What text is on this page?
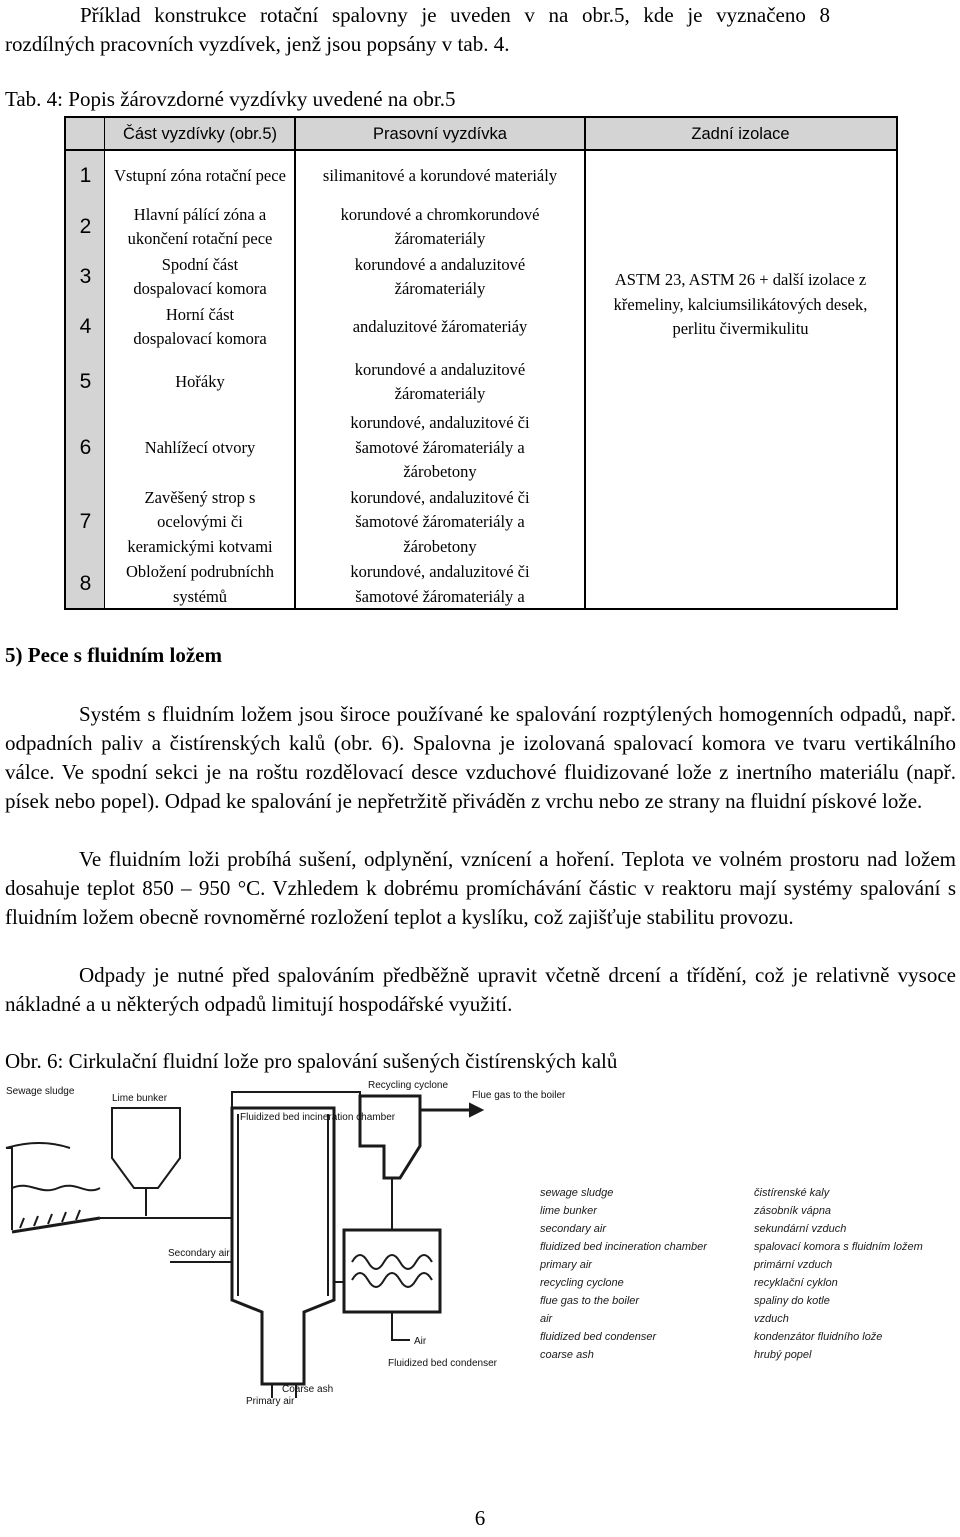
Příklad konstrukce rotační spalovny je uveden v na obr.5, kde je vyznačeno 8
rozdílných pracovních vyzdívek, jenž jsou popsány v tab. 4.
Tab. 4: Popis žárovzdorné vyzdívky uvedené na obr.5
Část vyzdívky (obr.5)	Prasovní vyzdívka	Zadní izolace
1
2
3
4
5
6
7
8
Vstupní zóna rotační pece
Hlavní pálící zóna a ukončení rotační pece
Spodní část dospalovací komora
Horní část dospalovací komora
Hořáky
Nahlížecí otvory
Zavěšený strop s ocelovými či keramickými kotvami
Obložení podrubníchh systémů
silimanitové a korundové materiály
korundové a chromkorundové žáromateriály
korundové a andaluzitové žáromateriály
andaluzitové žáromateriáy
korundové a andaluzitové žáromateriály
korundové, andaluzitové či šamotové žáromateriály a žárobetony
korundové, andaluzitové či šamotové žáromateriály a žárobetony
korundové, andaluzitové či šamotové žáromateriály a
ASTM 23, ASTM 26 + další izolace z křemeliny, kalciumsilikátových desek, perlitu čivermikulitu
5) Pece s fluidním ložem
Systém s fluidním ložem jsou široce používané ke spalování rozptýlených homogenních odpadů, např. odpadních paliv a čistírenských kalů (obr. 6). Spalovna je izolovaná spalovací komora ve tvaru vertikálního válce. Ve spodní sekci je na roštu rozdělovací desce vzduchové fluidizované lože z inertního materiálu (např. písek nebo popel). Odpad ke spalování je nepřetržitě přiváděn z vrchu nebo ze strany na fluidní pískové lože.
Ve fluidním loži probíhá sušení, odplynění, vznícení a hoření. Teplota ve volném prostoru nad ložem dosahuje teplot 850 – 950 °C. Vzhledem k dobrému promíchávání částic v reaktoru mají systémy spalování s fluidním ložem obecně rovnoměrné rozložení teplot a kyslíku, což zajišťuje stabilitu provozu.
Odpady je nutné před spalováním předběžně upravit včetně drcení a třídění, což je relativně vysoce nákladné a u některých odpadů limitují hospodářské využití.
Obr. 6: Cirkulační fluidní lože pro spalování sušených čistírenských kalů
Sewage sludge
Lime bunker
Fluidized bed incineration chamber
Recycling cyclone
Flue gas to the boiler
Secondary air
Primary air
Coarse ash
Fluidized bed condenser
Air
sewage sludge
lime bunker
secondary air
fluidized bed incineration chamber
primary air
recycling cyclone
flue gas to the boiler
air
fluidized bed condenser
coarse ash
čistírenské kaly
zásobník vápna
sekundární vzduch
spalovací komora s fluidním ložem
primární vzduch
recyklační cyklon
spaliny do kotle
vzduch
kondenzátor fluidního lože
hrubý popel
6
